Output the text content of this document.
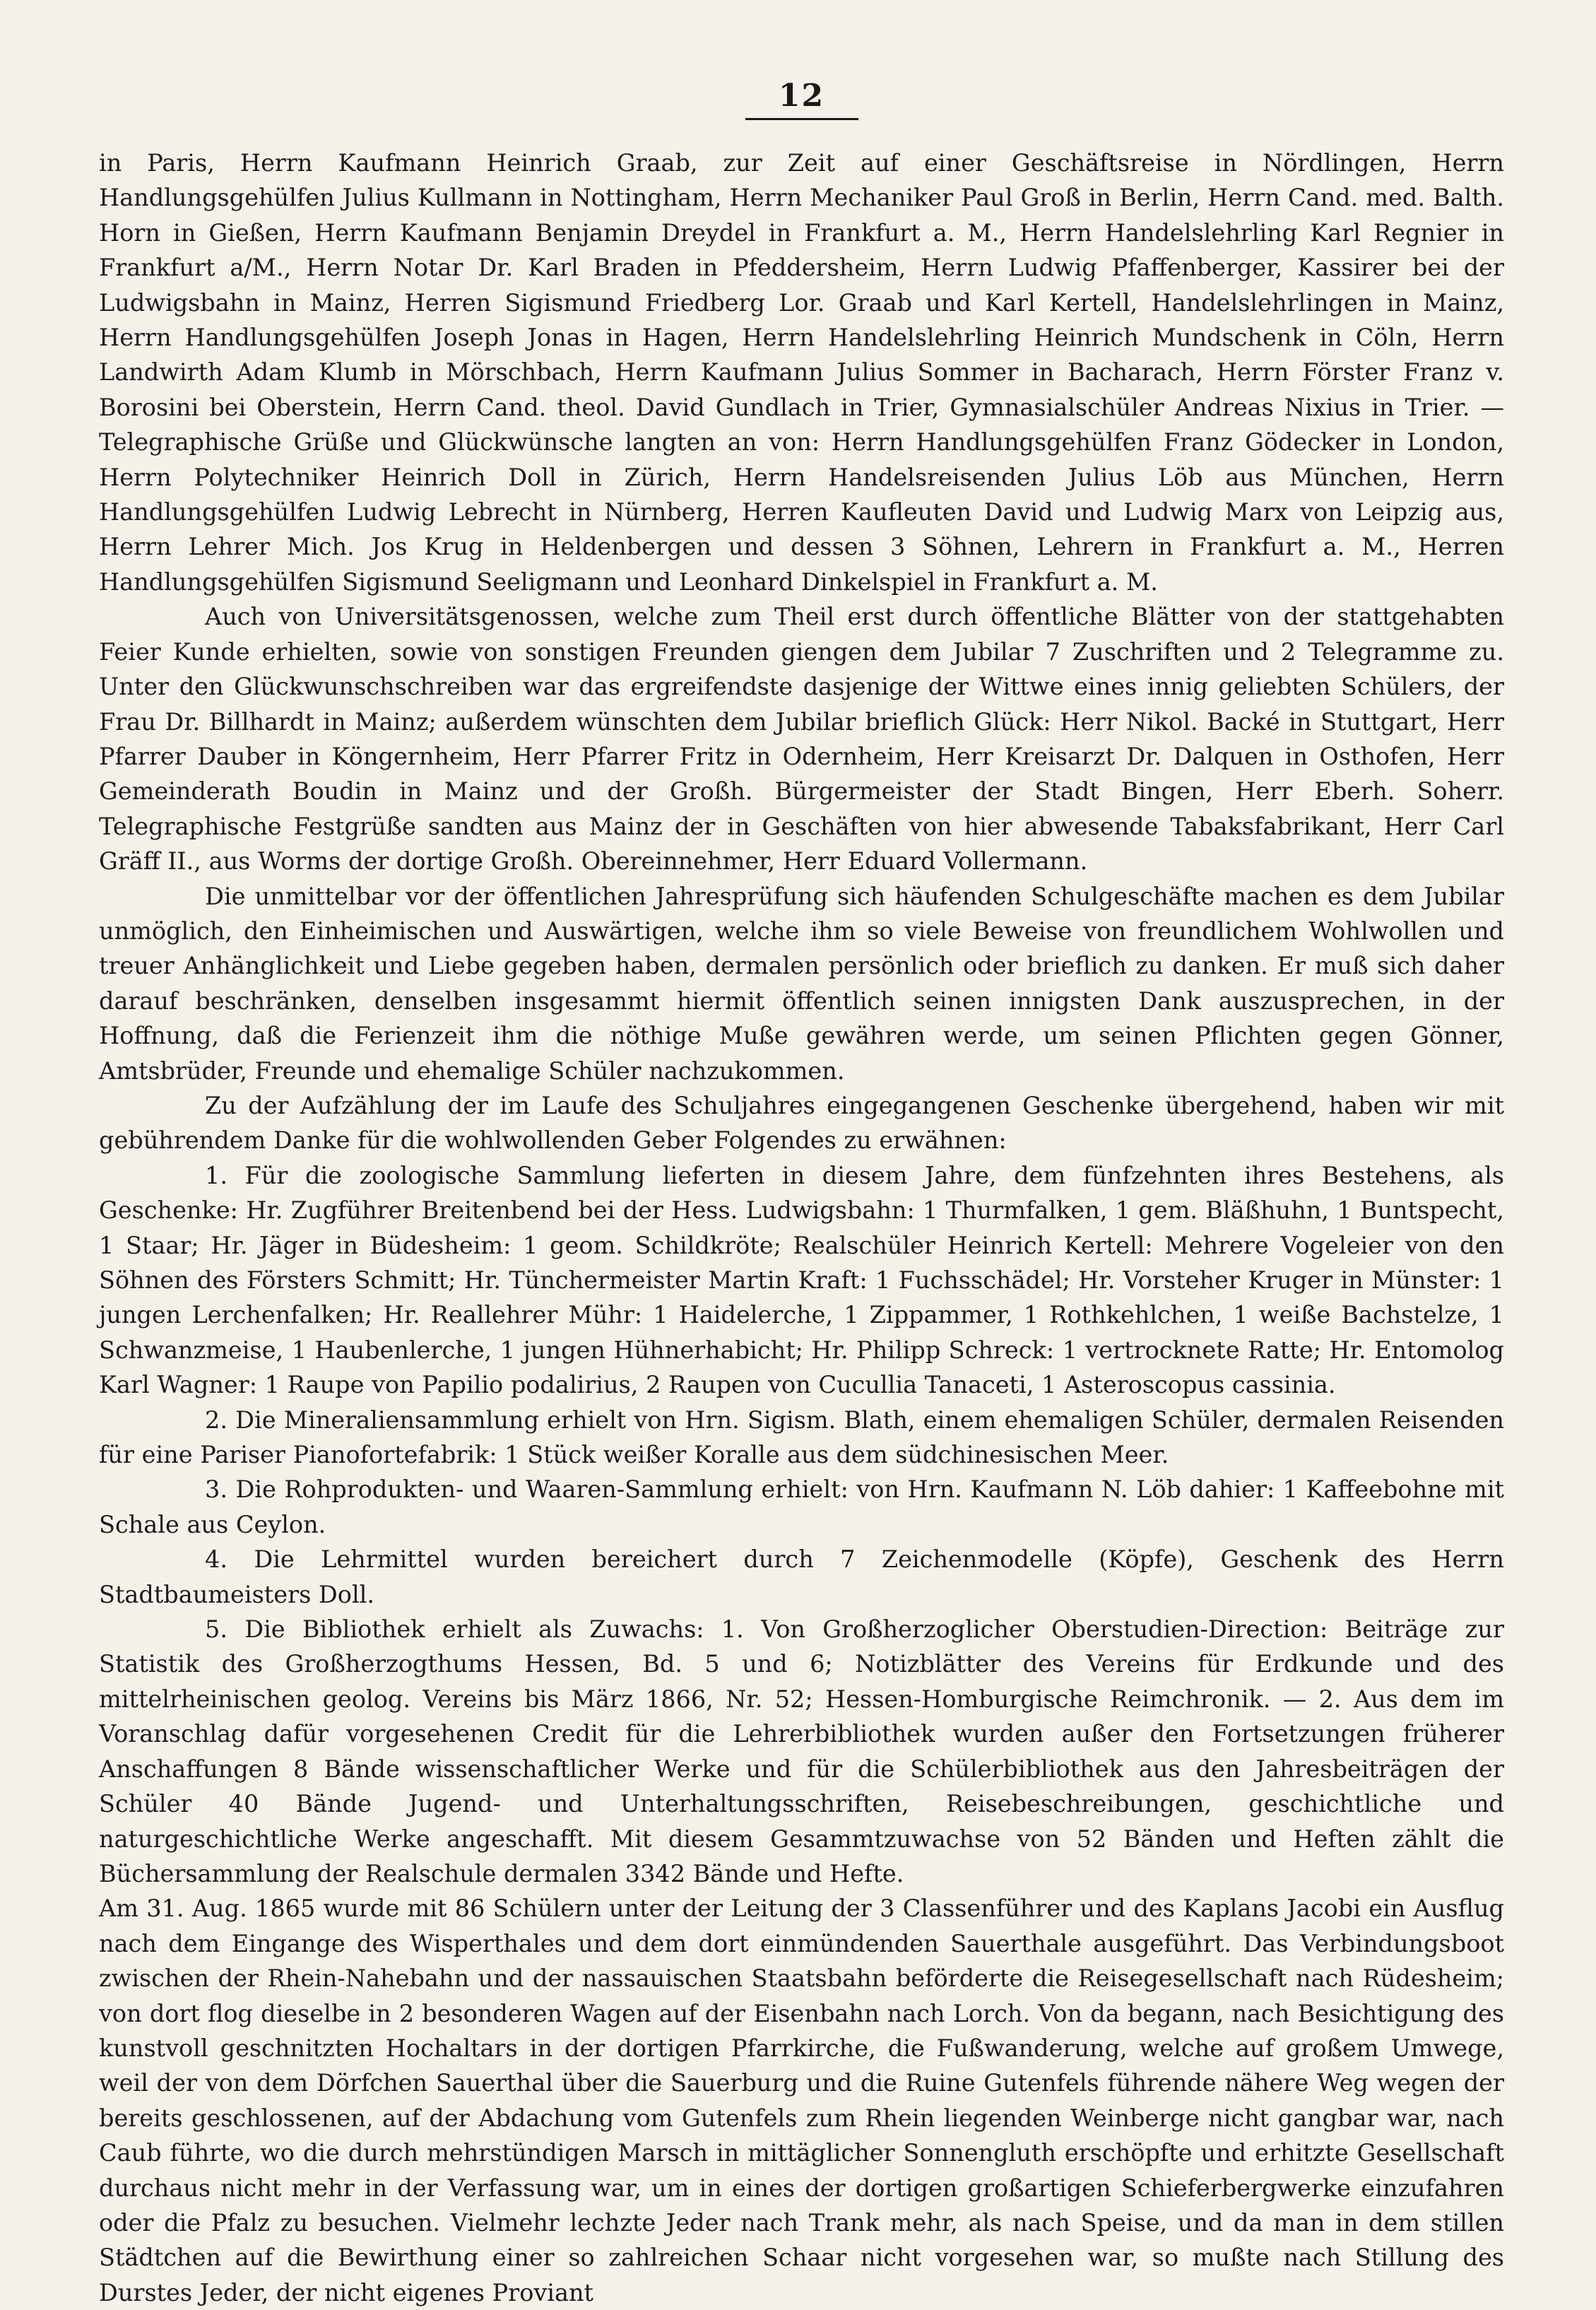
12

in Paris, Herrn Kaufmann Heinrich Graab, zur Zeit auf einer Geschäftsreise in Nördlingen, Herrn Handlungsgehülfen Julius Kullmann in Nottingham, Herrn Mechaniker Paul Groß in Berlin, Herrn Cand. med. Balth. Horn in Gießen, Herrn Kaufmann Benjamin Dreydel in Frankfurt a. M., Herrn Handelslehrling Karl Regnier in Frankfurt a/M., Herrn Notar Dr. Karl Braden in Pfeddersheim, Herrn Ludwig Pfaffenberger, Kassirer bei der Ludwigsbahn in Mainz, Herren Sigismund Friedberg Lor. Graab und Karl Kertell, Handelslehrlingen in Mainz, Herrn Handlungsgehülfen Joseph Jonas in Hagen, Herrn Handelslehrling Heinrich Mundschenk in Cöln, Herrn Landwirth Adam Klumb in Mörschbach, Herrn Kaufmann Julius Sommer in Bacharach, Herrn Förster Franz v. Borosini bei Oberstein, Herrn Cand. theol. David Gundlach in Trier, Gymnasialschüler Andreas Nixius in Trier. — Telegraphische Grüße und Glückwünsche langten an von: Herrn Handlungsgehülfen Franz Gödecker in London, Herrn Polytechniker Heinrich Doll in Zürich, Herrn Handelsreisenden Julius Löb aus München, Herrn Handlungsgehülfen Ludwig Lebrecht in Nürnberg, Herren Kaufleuten David und Ludwig Marx von Leipzig aus, Herrn Lehrer Mich. Jos Krug in Heldenbergen und dessen 3 Söhnen, Lehrern in Frankfurt a. M., Herren Handlungsgehülfen Sigismund Seeligmann und Leonhard Dinkelspiel in Frankfurt a. M.

Auch von Universitätsgenossen, welche zum Theil erst durch öffentliche Blätter von der stattgehabten Feier Kunde erhielten, sowie von sonstigen Freunden giengen dem Jubilar 7 Zuschriften und 2 Telegramme zu. Unter den Glückwunschschreiben war das ergreifendste dasjenige der Wittwe eines innig geliebten Schülers, der Frau Dr. Billhardt in Mainz; außerdem wünschten dem Jubilar brieflich Glück: Herr Nikol. Backé in Stuttgart, Herr Pfarrer Dauber in Köngernheim, Herr Pfarrer Fritz in Odernheim, Herr Kreisarzt Dr. Dalquen in Osthofen, Herr Gemeinderath Boudin in Mainz und der Großh. Bürgermeister der Stadt Bingen, Herr Eberh. Soherr. Telegraphische Festgrüße sandten aus Mainz der in Geschäften von hier abwesende Tabaksfabrikant, Herr Carl Gräff II., aus Worms der dortige Großh. Obereinnehmer, Herr Eduard Vollermann.

Die unmittelbar vor der öffentlichen Jahresprüfung sich häufenden Schulgeschäfte machen es dem Jubilar unmöglich, den Einheimischen und Auswärtigen, welche ihm so viele Beweise von freundlichem Wohlwollen und treuer Anhänglichkeit und Liebe gegeben haben, dermalen persönlich oder brieflich zu danken. Er muß sich daher darauf beschränken, denselben insgesammt hiermit öffentlich seinen innigsten Dank auszusprechen, in der Hoffnung, daß die Ferienzeit ihm die nöthige Muße gewähren werde, um seinen Pflichten gegen Gönner, Amtsbrüder, Freunde und ehemalige Schüler nachzukommen.

Zu der Aufzählung der im Laufe des Schuljahres eingegangenen Geschenke übergehend, haben wir mit gebührendem Danke für die wohlwollenden Geber Folgendes zu erwähnen:

1. Für die zoologische Sammlung lieferten in diesem Jahre, dem fünfzehnten ihres Bestehens, als Geschenke: Hr. Zugführer Breitenbend bei der Hess. Ludwigsbahn: 1 Thurmfalken, 1 gem. Bläßhuhn, 1 Buntspecht, 1 Staar; Hr. Jäger in Büdesheim: 1 geom. Schildkröte; Realschüler Heinrich Kertell: Mehrere Vogeleier von den Söhnen des Försters Schmitt; Hr. Tünchermeister Martin Kraft: 1 Fuchsschädel; Hr. Vorsteher Kruger in Münster: 1 jungen Lerchenfalken; Hr. Reallehrer Mühr: 1 Haidelerche, 1 Zippammer, 1 Rothkehlchen, 1 weiße Bachstelze, 1 Schwanzmeise, 1 Haubenlerche, 1 jungen Hühnerhabicht; Hr. Philipp Schreck: 1 vertrocknete Ratte; Hr. Entomolog Karl Wagner: 1 Raupe von Papilio podalirius, 2 Raupen von Cucullia Tanaceti, 1 Asteroscopus cassinia.

2. Die Mineraliensammlung erhielt von Hrn. Sigism. Blath, einem ehemaligen Schüler, dermalen Reisenden für eine Pariser Pianofortefabrik: 1 Stück weißer Koralle aus dem südchinesischen Meer.

3. Die Rohprodukten- und Waaren-Sammlung erhielt: von Hrn. Kaufmann N. Löb dahier: 1 Kaffeebohne mit Schale aus Ceylon.

4. Die Lehrmittel wurden bereichert durch 7 Zeichenmodelle (Köpfe), Geschenk des Herrn Stadtbaumeisters Doll.

5. Die Bibliothek erhielt als Zuwachs: 1. Von Großherzoglicher Oberstudien-Direction: Beiträge zur Statistik des Großherzogthums Hessen, Bd. 5 und 6; Notizblätter des Vereins für Erdkunde und des mittelrheinischen geolog. Vereins bis März 1866, Nr. 52; Hessen-Homburgische Reimchronik. — 2. Aus dem im Voranschlag dafür vorgesehenen Credit für die Lehrerbibliothek wurden außer den Fortsetzungen früherer Anschaffungen 8 Bände wissenschaftlicher Werke und für die Schülerbibliothek aus den Jahresbeiträgen der Schüler 40 Bände Jugend- und Unterhaltungsschriften, Reisebeschreibungen, geschichtliche und naturgeschichtliche Werke angeschafft. Mit diesem Gesammtzuwachse von 52 Bänden und Heften zählt die Büchersammlung der Realschule dermalen 3342 Bände und Hefte.

Am 31. Aug. 1865 wurde mit 86 Schülern unter der Leitung der 3 Classenführer und des Kaplans Jacobi ein Ausflug nach dem Eingange des Wisperthales und dem dort einmündenden Sauerthale ausgeführt. Das Verbindungsboot zwischen der Rhein-Nahebahn und der nassauischen Staatsbahn beförderte die Reisegesellschaft nach Rüdesheim; von dort flog dieselbe in 2 besonderen Wagen auf der Eisenbahn nach Lorch. Von da begann, nach Besichtigung des kunstvoll geschnitzten Hochaltars in der dortigen Pfarrkirche, die Fußwanderung, welche auf großem Umwege, weil der von dem Dörfchen Sauerthal über die Sauerburg und die Ruine Gutenfels führende nähere Weg wegen der bereits geschlossenen, auf der Abdachung vom Gutenfels zum Rhein liegenden Weinberge nicht gangbar war, nach Caub führte, wo die durch mehrstündigen Marsch in mittäglicher Sonnengluth erschöpfte und erhitzte Gesellschaft durchaus nicht mehr in der Verfassung war, um in eines der dortigen großartigen Schieferbergwerke einzufahren oder die Pfalz zu besuchen. Vielmehr lechzte Jeder nach Trank mehr, als nach Speise, und da man in dem stillen Städtchen auf die Bewirthung einer so zahlreichen Schaar nicht vorgesehen war, so mußte nach Stillung des Durstes Jeder, der nicht eigenes Proviant
